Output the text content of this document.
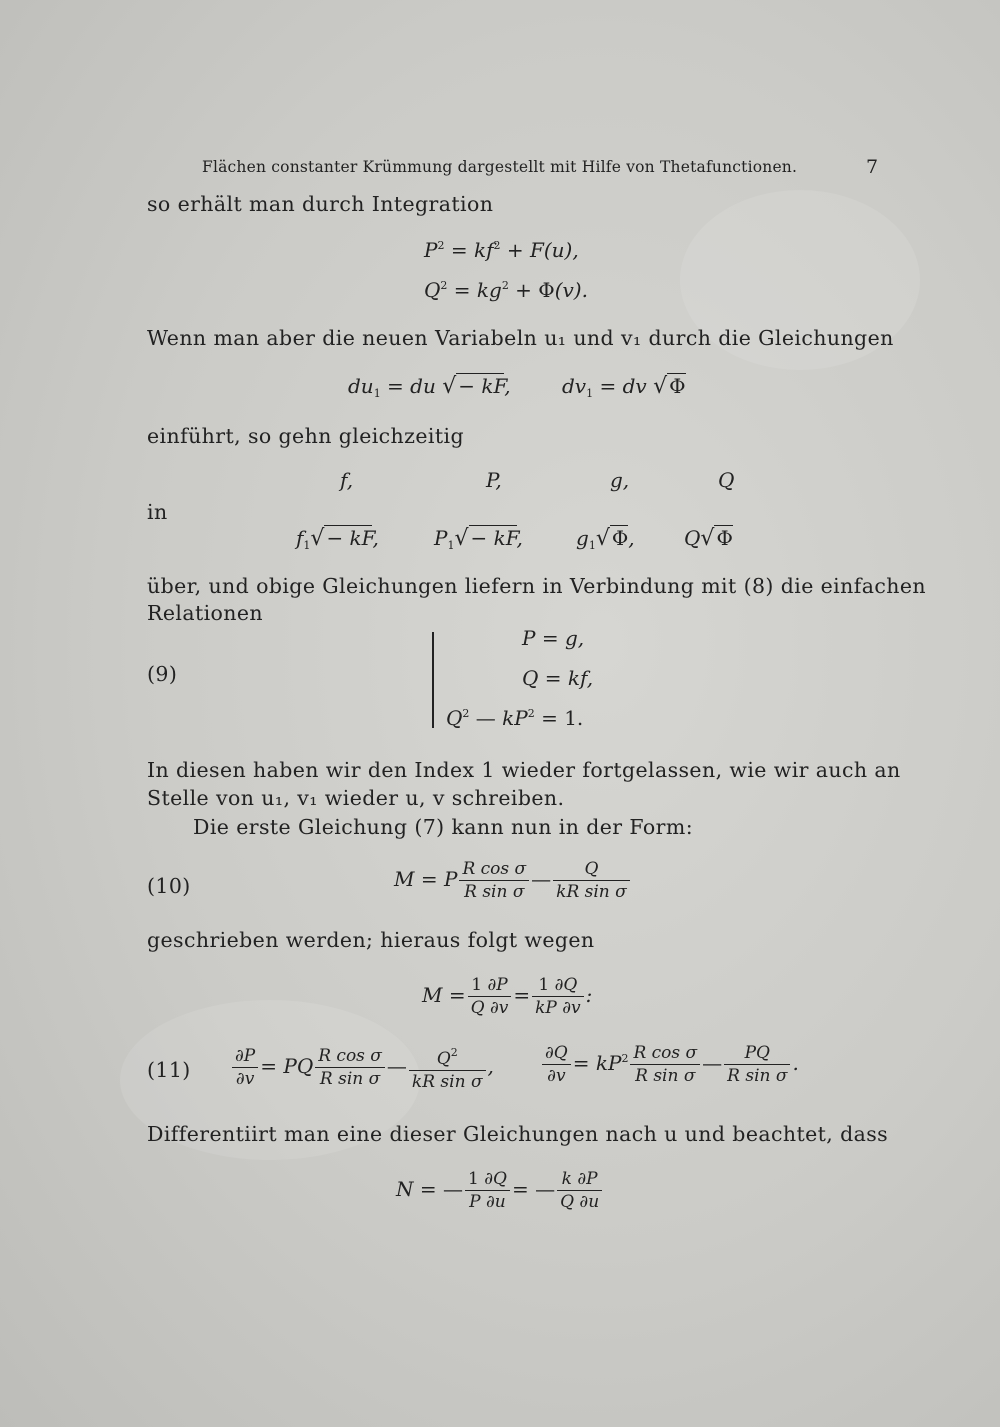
Flächen constanter Krümmung dargestellt mit Hilfe von Thetafunctionen.	7
so erhält man durch Integration
$P^2 = kf^2 + F(u)$,
$Q^2 = kg^2 + \Phi(v)$.
Wenn man aber die neuen Variabeln u₁ und v₁ durch die Gleichungen
$du_1$ = du √ − kF,	$dv_1$ = dv √ Φ
einführt, so gehn gleichzeitig
f,	P,	g,	Q
in
$f_1√$ − kF,	$P_1√$ − kF,	$g_1√$ Φ, Q√ Φ
über, und obige Gleichungen liefern in Verbindung mit (8) die einfachen
Relationen
(9)
P = g,
Q = kf,
$Q^2$ — $kP^2 = 1$.
In diesen haben wir den Index 1 wieder fortgelassen, wie wir auch an
Stelle von u₁, v₁ wieder u, v schreiben.
Die erste Gleichung (7) kann nun in der Form:
(10)	M = P $\frac{\text{R cos σ}}{\text{R sin σ}}$ — $\frac{Q}{\text{kR sin σ}}$
geschrieben werden; hieraus folgt wegen
$M = \frac{1 \partial P}{Q \partial v} = \frac{1 \partial Q}{kP \partial v}$ :
$(11) \frac{\partial P}{\partial v}$ = PQ $\frac{\text{R cos σ}}{\text{R sin σ}}$ — $\frac{Q^2}{\text{kR sin σ}}$ ,	$\frac{\partial Q}{\partial v} = kP^2 \frac{\text{R cos σ}}{\text{R sin σ}}$ — $\frac{PQ}{\text{R sin σ}}$ .
Differentiirt man eine dieser Gleichungen nach u und beachtet, dass
N = — $\frac{1 \partial Q}{P \partial u}$ = — $\frac{k \partial P}{Q \partial u}$
